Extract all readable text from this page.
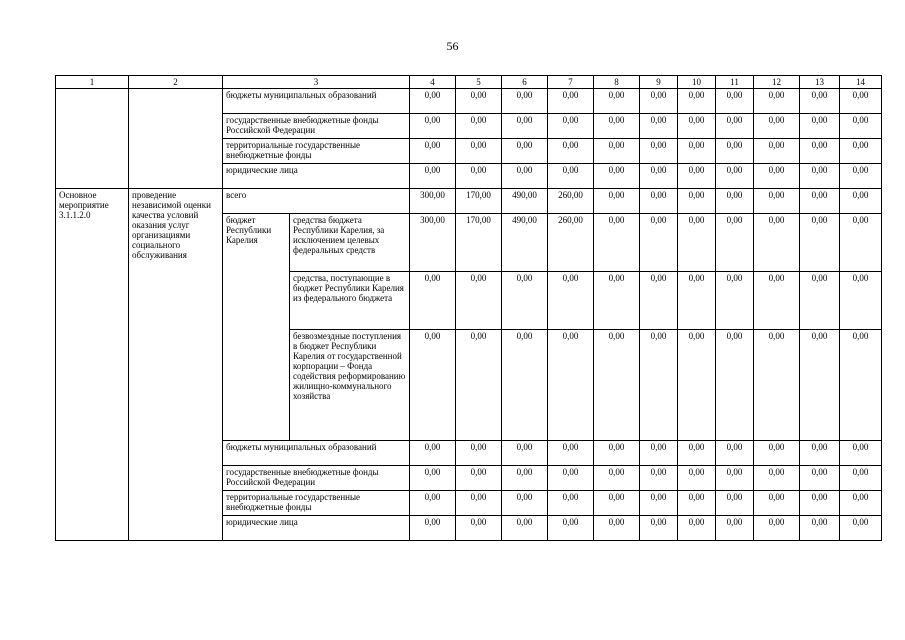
56
1	2	3		4	5	6	7	8	9	10	11	12	13	14
		бюджеты муниципальных образований		0,00	0,00	0,00	0,00	0,00	0,00	0,00	0,00	0,00	0,00	0,00
		государственные внебюджетные фонды Российской Федерации		0,00	0,00	0,00	0,00	0,00	0,00	0,00	0,00	0,00	0,00	0,00
		территориальные государственные внебюджетные фонды		0,00	0,00	0,00	0,00	0,00	0,00	0,00	0,00	0,00	0,00	0,00
		юридические лица		0,00	0,00	0,00	0,00	0,00	0,00	0,00	0,00	0,00	0,00	0,00
Основное мероприятие 3.1.1.2.0	проведение независимой оценки качества условий оказания услуг организациями социального обслуживания	всего		300,00	170,00	490,00	260,00	0,00	0,00	0,00	0,00	0,00	0,00	0,00
		бюджет Республики Карелия	средства бюджета Республики Карелия, за исключением целевых федеральных средств	300,00	170,00	490,00	260,00	0,00	0,00	0,00	0,00	0,00	0,00	0,00
			средства, поступающие в бюджет Республики Карелия из федерального бюджета	0,00	0,00	0,00	0,00	0,00	0,00	0,00	0,00	0,00	0,00	0,00
			безвозмездные поступления в бюджет Республики Карелия от государственной корпорации – Фонда содействия реформированию жилищно-коммунального хозяйства	0,00	0,00	0,00	0,00	0,00	0,00	0,00	0,00	0,00	0,00	0,00
		бюджеты муниципальных образований		0,00	0,00	0,00	0,00	0,00	0,00	0,00	0,00	0,00	0,00	0,00
		государственные внебюджетные фонды Российской Федерации		0,00	0,00	0,00	0,00	0,00	0,00	0,00	0,00	0,00	0,00	0,00
		территориальные государственные внебюджетные фонды		0,00	0,00	0,00	0,00	0,00	0,00	0,00	0,00	0,00	0,00	0,00
		юридические лица		0,00	0,00	0,00	0,00	0,00	0,00	0,00	0,00	0,00	0,00	0,00
